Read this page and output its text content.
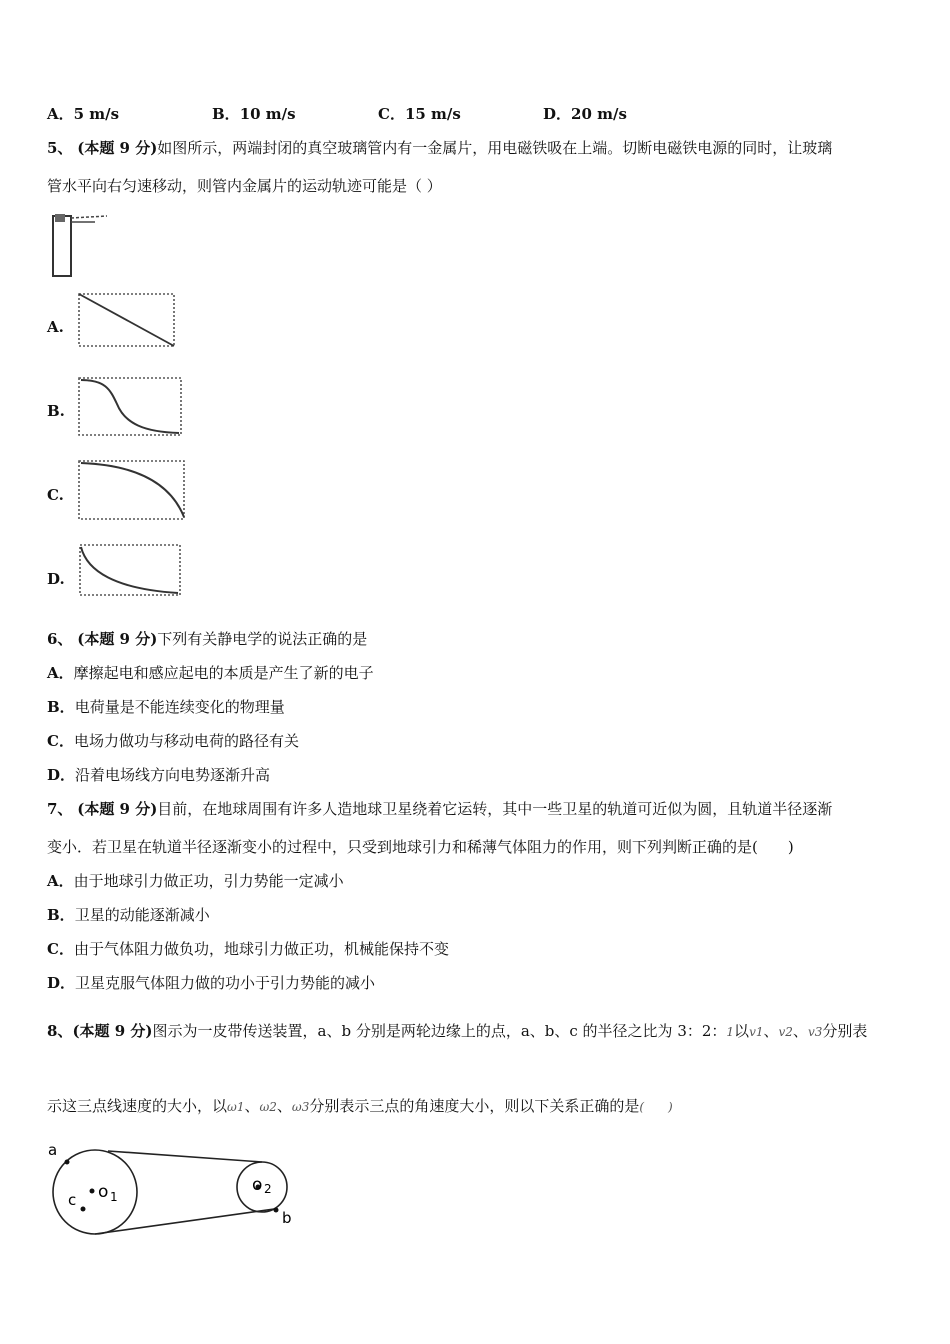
A．5 m/s	B．10 m/s	C．15 m/s	D．20 m/s
5、 (本题 9 分)如图所示，两端封闭的真空玻璃管内有一金属片，用电磁铁吸在上端。切断电磁铁电源的同时，让玻璃
管水平向右匀速移动，则管内金属片的运动轨迹可能是（ ）
A.
B.
C.
D.
6、 (本题 9 分)下列有关静电学的说法正确的是
A．摩擦起电和感应起电的本质是产生了新的电子
B．电荷量是不能连续变化的物理量
C．电场力做功与移动电荷的路径有关
D．沿着电场线方向电势逐渐升高
7、 (本题 9 分)目前，在地球周围有许多人造地球卫星绕着它运转，其中一些卫星的轨道可近似为圆，且轨道半径逐渐
变小．若卫星在轨道半径逐渐变小的过程中，只受到地球引力和稀薄气体阻力的作用，则下列判断正确的是(　　)
A．由于地球引力做正功，引力势能一定减小
B．卫星的动能逐渐减小
C．由于气体阻力做负功，地球引力做正功，机械能保持不变
D．卫星克服气体阻力做的功小于引力势能的减小
8、(本题 9 分)图示为一皮带传送装置，a、b 分别是两轮边缘上的点，a、b、c 的半径之比为 3：2：1以v1、v2、v3分别表
示这三点线速度的大小，以ω1、ω2、ω3分别表示三点的角速度大小，则以下关系正确的是(　　)
a
b
c o 1
o 2
